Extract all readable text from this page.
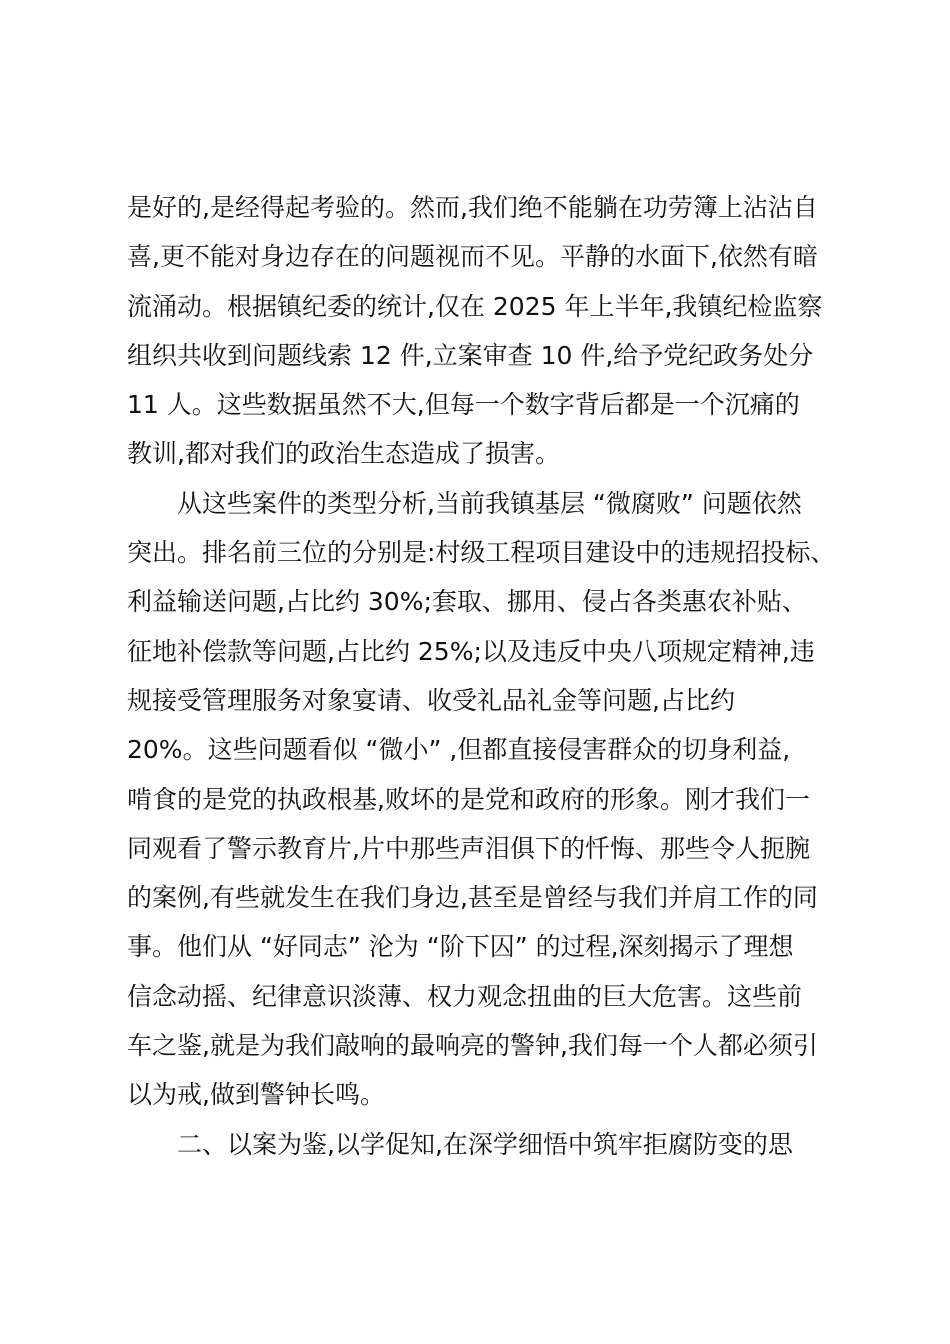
是好的,是经得起考验的。然而,我们绝不能躺在功劳簿上沾沾自
喜,更不能对身边存在的问题视而不见。平静的水面下,依然有暗
流涌动。根据镇纪委的统计,仅在 2025 年上半年,我镇纪检监察
组织共收到问题线索 12 件,立案审查 10 件,给予党纪政务处分
11 人。这些数据虽然不大,但每一个数字背后都是一个沉痛的
教训,都对我们的政治生态造成了损害。
从这些案件的类型分析,当前我镇基层 “微腐败” 问题依然
突出。排名前三位的分别是:村级工程项目建设中的违规招投标、
利益输送问题,占比约 30%;套取、挪用、侵占各类惠农补贴、
征地补偿款等问题,占比约 25%;以及违反中央八项规定精神,违
规接受管理服务对象宴请、收受礼品礼金等问题,占比约
20%。这些问题看似 “微小” ,但都直接侵害群众的切身利益,
啃食的是党的执政根基,败坏的是党和政府的形象。刚才我们一
同观看了警示教育片,片中那些声泪俱下的忏悔、那些令人扼腕
的案例,有些就发生在我们身边,甚至是曾经与我们并肩工作的同
事。他们从 “好同志” 沦为 “阶下囚” 的过程,深刻揭示了理想
信念动摇、纪律意识淡薄、权力观念扭曲的巨大危害。这些前
车之鉴,就是为我们敲响的最响亮的警钟,我们每一个人都必须引
以为戒,做到警钟长鸣。
二、以案为鉴,以学促知,在深学细悟中筑牢拒腐防变的思
